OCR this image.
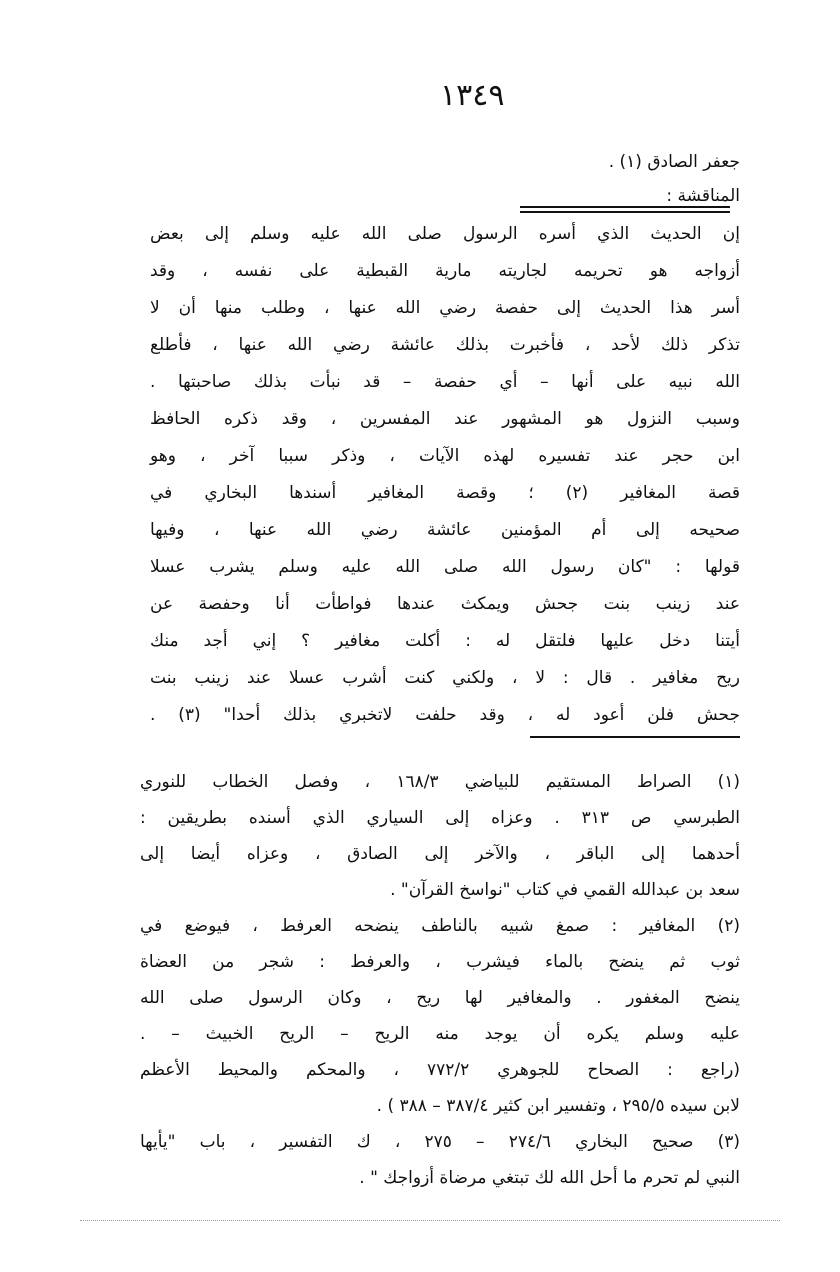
١٣٤٩
جعفر الصادق (١) .
المناقشة :
إن الحديث الذي أسره الرسول صلى الله عليه وسلم إلى بعض
أزواجه هو تحريمه لجاريته مارية القبطية على نفسه ، وقد
أسر هذا الحديث إلى حفصة رضي الله عنها ، وطلب منها أن لا
تذكر ذلك لأحد ، فأخبرت بذلك عائشة رضي الله عنها ، فأطلع
الله نبيه على أنها – أي حفصة – قد نبأت بذلك صاحبتها .
وسبب النزول هو المشهور عند المفسرين ، وقد ذكره الحافظ
ابن حجر عند تفسيره لهذه الآيات ، وذكر سببا آخر ، وهو
قصة المغافير (٢) ؛ وقصة المغافير أسندها البخاري في
صحيحه إلى أم المؤمنين عائشة رضي الله عنها ، وفيها
قولها : "كان رسول الله صلى الله عليه وسلم يشرب عسلا
عند زينب بنت جحش ويمكث عندها فواطأت أنا وحفصة عن
أيتنا دخل عليها فلتقل له : أكلت مغافير ؟ إني أجد منك
ريح مغافير . قال : لا ، ولكني كنت أشرب عسلا عند زينب بنت
جحش فلن أعود له ، وقد حلفت لاتخبري بذلك أحدا" (٣) .
(١) الصراط المستقيم للبياضي ١٦٨/٣ ، وفصل الخطاب للنوري
الطبرسي ص ٣١٣ . وعزاه إلى السياري الذي أسنده بطريقين :
أحدهما إلى الباقر ، والآخر إلى الصادق ، وعزاه أيضا إلى
سعد بن عبدالله القمي في كتاب "نواسخ القرآن" .
(٢) المغافير : صمغ شبيه بالناطف ينضحه العرفط ، فيوضع في
ثوب ثم ينضح بالماء فيشرب ، والعرفط : شجر من العضاة
ينضح المغفور . والمغافير لها ريح ، وكان الرسول صلى الله
عليه وسلم يكره أن يوجد منه الريح – الريح الخبيث – .
(راجع : الصحاح للجوهري ٧٧٢/٢ ، والمحكم والمحيط الأعظم
لابن سيده ٢٩٥/٥ ، وتفسير ابن كثير ٣٨٧/٤ – ٣٨٨ ) .
(٣) صحيح البخاري ٢٧٤/٦ – ٢٧٥ ، ك التفسير ، باب "يأيها
النبي لم تحرم ما أحل الله لك تبتغي مرضاة أزواجك " .
